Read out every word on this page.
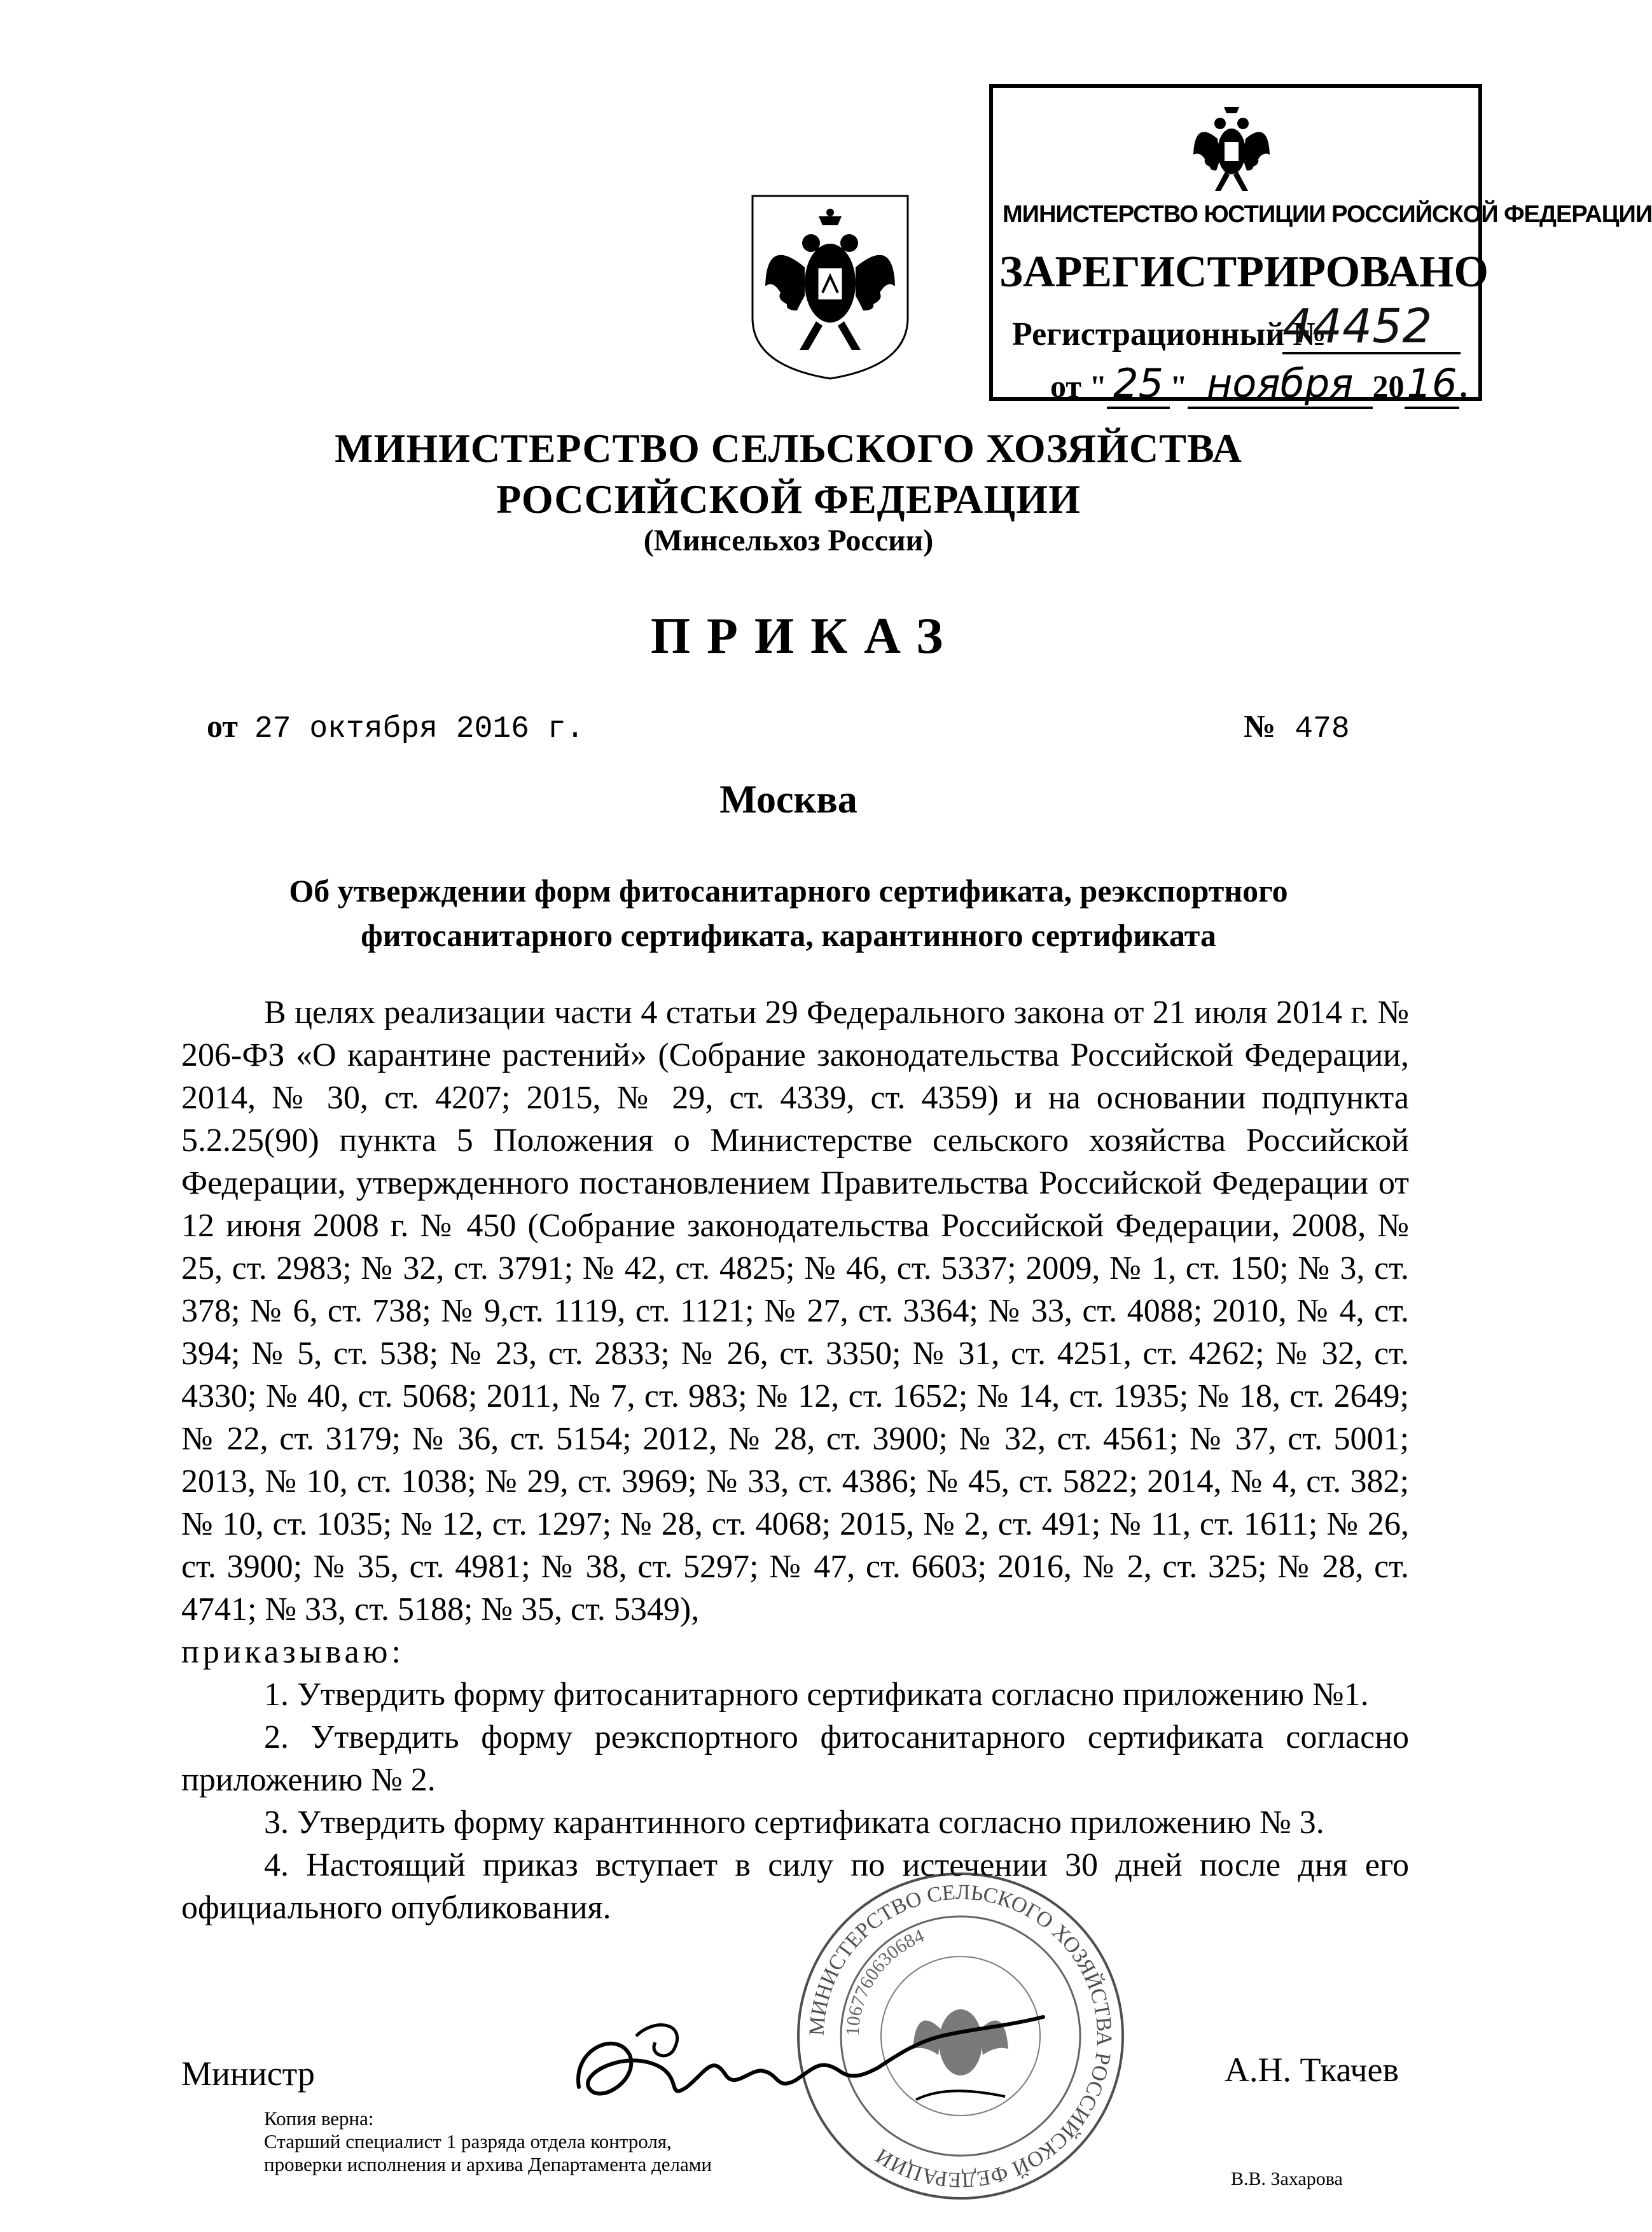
МИНИСТЕРСТВО ЮСТИЦИИ РОССИЙСКОЙ ФЕДЕРАЦИИ
ЗАРЕГИСТРИРОВАНО
Регистрационный №
44452
от " 25 " ноября 20 16 .
МИНИСТЕРСТВО СЕЛЬСКОГО ХОЗЯЙСТВА
РОССИЙСКОЙ ФЕДЕРАЦИИ
(Минсельхоз России)
ПРИКАЗ
от 27 октября 2016 г.	№ 478
Москва
Об утверждении форм фитосанитарного сертификата, реэкспортного
фитосанитарного сертификата, карантинного сертификата

В целях реализации части 4 статьи 29 Федерального закона от 21 июля 2014 г. № 206-ФЗ «О карантине растений» (Собрание законодательства Российской Федерации, 2014, № 30, ст. 4207; 2015, № 29, ст. 4339, ст. 4359) и на основании подпункта 5.2.25(90) пункта 5 Положения о Министерстве сельского хозяйства Российской Федерации, утвержденного постановлением Правительства Российской Федерации от 12 июня 2008 г. № 450 (Собрание законодательства Российской Федерации, 2008, № 25, ст. 2983; № 32, ст. 3791; № 42, ст. 4825; № 46, ст. 5337; 2009, № 1, ст. 150; № 3, ст. 378; № 6, ст. 738; № 9,ст. 1119, ст. 1121; № 27, ст. 3364; № 33, ст. 4088; 2010, № 4, ст. 394; № 5, ст. 538; № 23, ст. 2833; № 26, ст. 3350; № 31, ст. 4251, ст. 4262; № 32, ст. 4330; № 40, ст. 5068; 2011, № 7, ст. 983; № 12, ст. 1652; № 14, ст. 1935; № 18, ст. 2649; № 22, ст. 3179; № 36, ст. 5154; 2012, № 28, ст. 3900; № 32, ст. 4561; № 37, ст. 5001; 2013, № 10, ст. 1038; № 29, ст. 3969; № 33, ст. 4386; № 45, ст. 5822; 2014, № 4, ст. 382; № 10, ст. 1035; № 12, ст. 1297; № 28, ст. 4068; 2015, № 2, ст. 491; № 11, ст. 1611; № 26, ст. 3900; № 35, ст. 4981; № 38, ст. 5297; № 47, ст. 6603; 2016, № 2, ст. 325; № 28, ст. 4741; № 33, ст. 5188; № 35, ст. 5349),

приказываю:

1. Утвердить форму фитосанитарного сертификата согласно приложению №1.

2. Утвердить форму реэкспортного фитосанитарного сертификата согласно приложению № 2.

3. Утвердить форму карантинного сертификата согласно приложению № 3.

4. Настоящий приказ вступает в силу по истечении 30 дней после дня его официального опубликования.

МИНИСТЕРСТВО СЕЛЬСКОГО ХОЗЯЙСТВА РОССИЙСКОЙ ФЕДЕРАЦИИ
1067760630684
Министр	А.Н. Ткачев
Копия верна:
Старший специалист 1 разряда отдела контроля,
проверки исполнения и архива Департамента делами
В.В. Захарова
